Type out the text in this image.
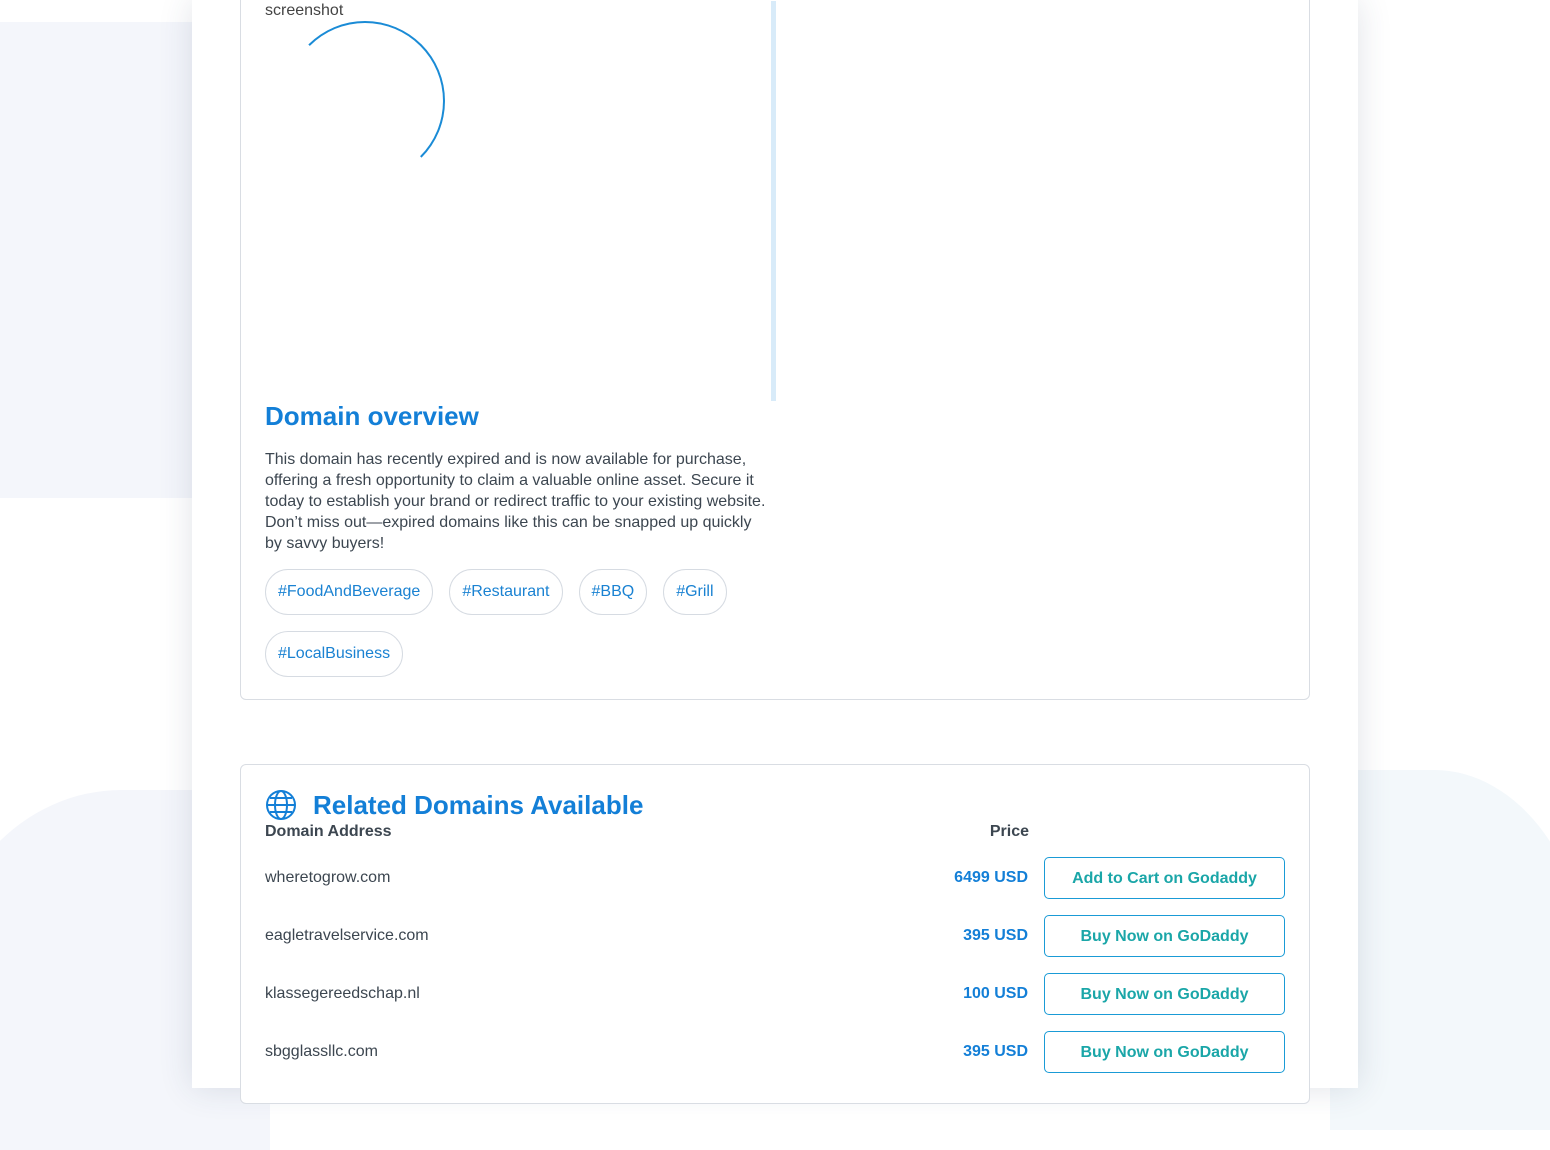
screenshot
Domain overview

This domain has recently expired and is now available for purchase, offering a fresh opportunity to claim a valuable online asset. Secure it today to establish your brand or redirect traffic to your existing website. Don’t miss out—expired domains like this can be snapped up quickly by savvy buyers!

#FoodAndBeverage	#Restaurant	#BBQ	#Grill
#LocalBusiness
Related Domains Available
Domain Address	Price
wheretogrow.com	6499 USD	Add to Cart on Godaddy
eagletravelservice.com	395 USD	Buy Now on GoDaddy
klassegereedschap.nl	100 USD	Buy Now on GoDaddy
sbgglassllc.com	395 USD	Buy Now on GoDaddy
